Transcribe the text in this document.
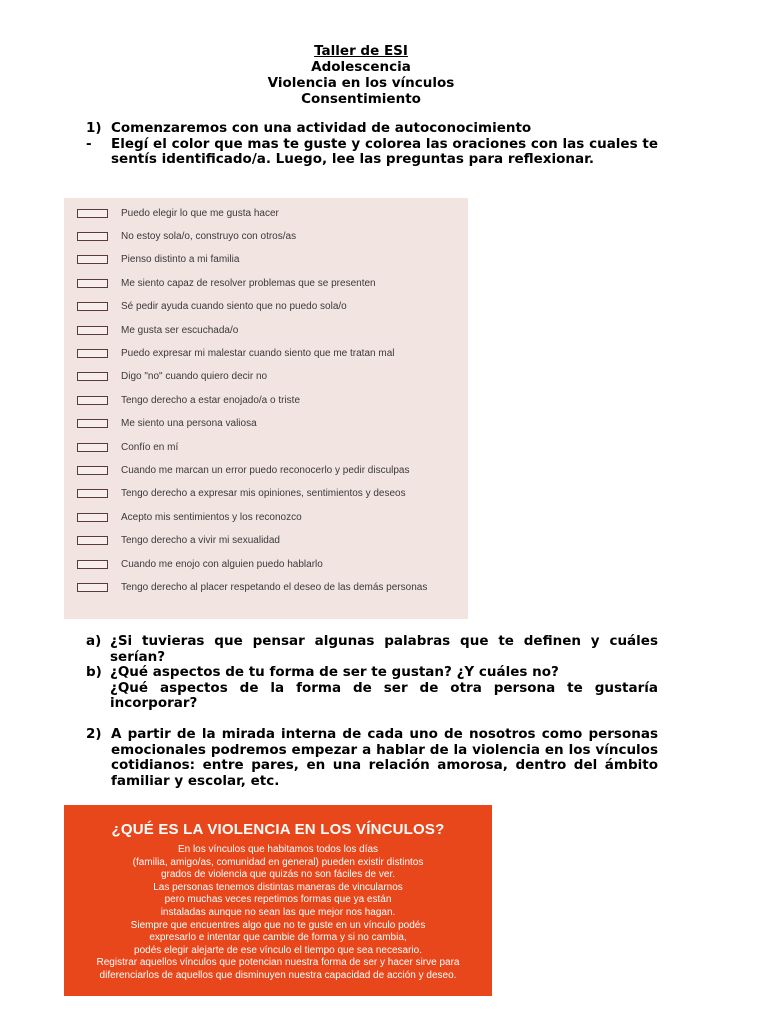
Taller de ESI
Adolescencia
Violencia en los vínculos
Consentimiento
1) Comenzaremos con una actividad de autoconocimiento
-	Elegí el color que mas te guste y colorea las oraciones con las cuales te sentís identificado/a. Luego, lee las preguntas para reflexionar.
Puedo elegir lo que me gusta hacer
No estoy sola/o, construyo con otros/as
Pienso distinto a mi familia
Me siento capaz de resolver problemas que se presenten
Sé pedir ayuda cuando siento que no puedo sola/o
Me gusta ser escuchada/o
Puedo expresar mi malestar cuando siento que me tratan mal
Digo "no" cuando quiero decir no
Tengo derecho a estar enojado/a o triste
Me siento una persona valiosa
Confío en mí
Cuando me marcan un error puedo reconocerlo y pedir disculpas
Tengo derecho a expresar mis opiniones, sentimientos y deseos
Acepto mis sentimientos y los reconozco
Tengo derecho a vivir mi sexualidad
Cuando me enojo con alguien puedo hablarlo
Tengo derecho al placer respetando el deseo de las demás personas
a) ¿Si tuvieras que pensar algunas palabras que te definen y cuáles serían?
b) ¿Qué aspectos de tu forma de ser te gustan? ¿Y cuáles no?
¿Qué aspectos de la forma de ser de otra persona te gustaría incorporar?
2) A partir de la mirada interna de cada uno de nosotros como personas emocionales podremos empezar a hablar de la violencia en los vínculos cotidianos: entre pares, en una relación amorosa, dentro del ámbito familiar y escolar, etc.
¿QUÉ ES LA VIOLENCIA EN LOS VÍNCULOS?
En los vínculos que habitamos todos los días
(familia, amigo/as, comunidad en general) pueden existir distintos
grados de violencia que quizás no son fáciles de ver.
Las personas tenemos distintas maneras de vincularnos
pero muchas veces repetimos formas que ya están
instaladas aunque no sean las que mejor nos hagan.
Siempre que encuentres algo que no te guste en un vínculo podés
expresarlo e intentar que cambie de forma y si no cambia,
podés elegir alejarte de ese vínculo el tiempo que sea necesario.
Registrar aquellos vínculos que potencian nuestra forma de ser y hacer sirve para
diferenciarlos de aquellos que disminuyen nuestra capacidad de acción y deseo.
